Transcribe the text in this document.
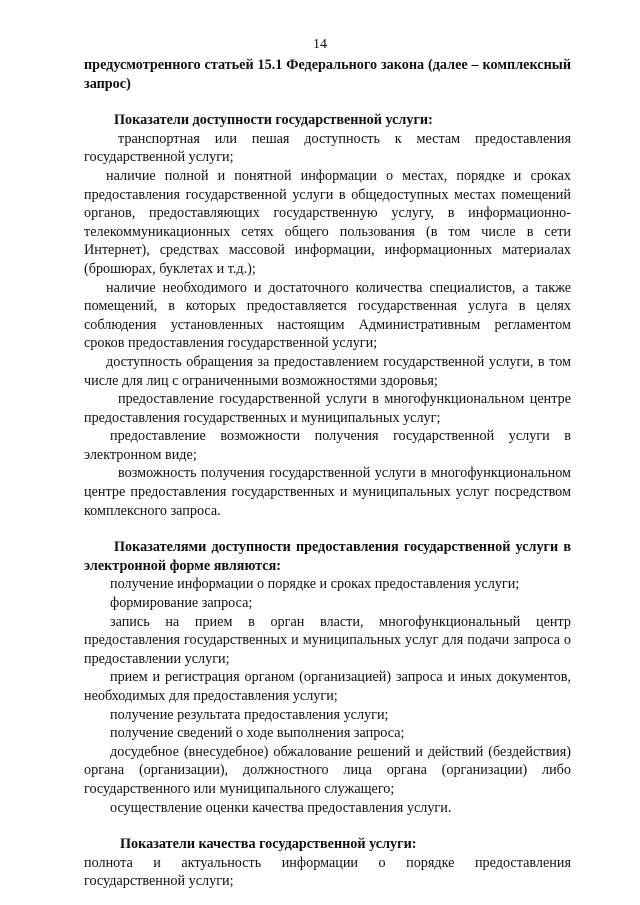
14

предусмотренного статьей 15.1 Федерального закона (далее – комплексный запрос)

Показатели доступности государственной услуги:

транспортная или пешая доступность к местам предоставления государственной услуги;

наличие полной и понятной информации о местах, порядке и сроках предоставления государственной услуги в общедоступных местах помещений органов, предоставляющих государственную услугу, в информационно-телекоммуникационных сетях общего пользования (в том числе в сети Интернет), средствах массовой информации, информационных материалах (брошюрах, буклетах и т.д.);

наличие необходимого и достаточного количества специалистов, а также помещений, в которых предоставляется государственная услуга в целях соблюдения установленных настоящим Административным регламентом сроков предоставления государственной услуги;

доступность обращения за предоставлением государственной услуги, в том числе для лиц с ограниченными возможностями здоровья;

предоставление государственной услуги в многофункциональном центре предоставления государственных и муниципальных услуг;

предоставление возможности получения государственной услуги в электронном виде;

возможность получения государственной услуги в многофункциональном центре предоставления государственных и муниципальных услуг посредством комплексного запроса.

Показателями доступности предоставления государственной услуги в электронной форме являются:

получение информации о порядке и сроках предоставления услуги;

формирование запроса;

запись на прием в орган власти, многофункциональный центр предоставления государственных и муниципальных услуг для подачи запроса о предоставлении услуги;

прием и регистрация органом (организацией) запроса и иных документов, необходимых для предоставления услуги;

получение результата предоставления услуги;

получение сведений о ходе выполнения запроса;

досудебное (внесудебное) обжалование решений и действий (бездействия) органа (организации), должностного лица органа (организации) либо государственного или муниципального служащего;

осуществление оценки качества предоставления услуги.

Показатели качества государственной услуги:

полнота и актуальность информации о порядке предоставления государственной услуги;
